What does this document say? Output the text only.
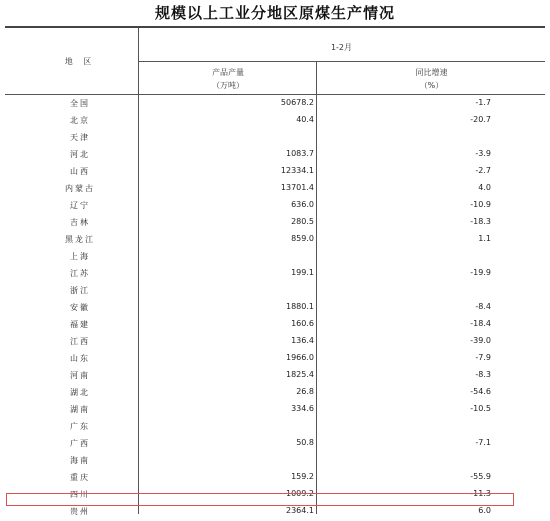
规模以上工业分地区原煤生产情况
地 区
1-2月
产品产量
（万吨）
同比增速
（%）
全国	50678.2	-1.7
北京	40.4	-20.7
天津
河北	1083.7	-3.9
山西	12334.1	-2.7
内蒙古	13701.4	4.0
辽宁	636.0	-10.9
吉林	280.5	-18.3
黑龙江	859.0	1.1
上海
江苏	199.1	-19.9
浙江
安徽	1880.1	-8.4
福建	160.6	-18.4
江西	136.4	-39.0
山东	1966.0	-7.9
河南	1825.4	-8.3
湖北	26.8	-54.6
湖南	334.6	-10.5
广东
广西	50.8	-7.1
海南
重庆	159.2	-55.9
四川	1009.2	-11.3
贵州	2364.1	6.0
